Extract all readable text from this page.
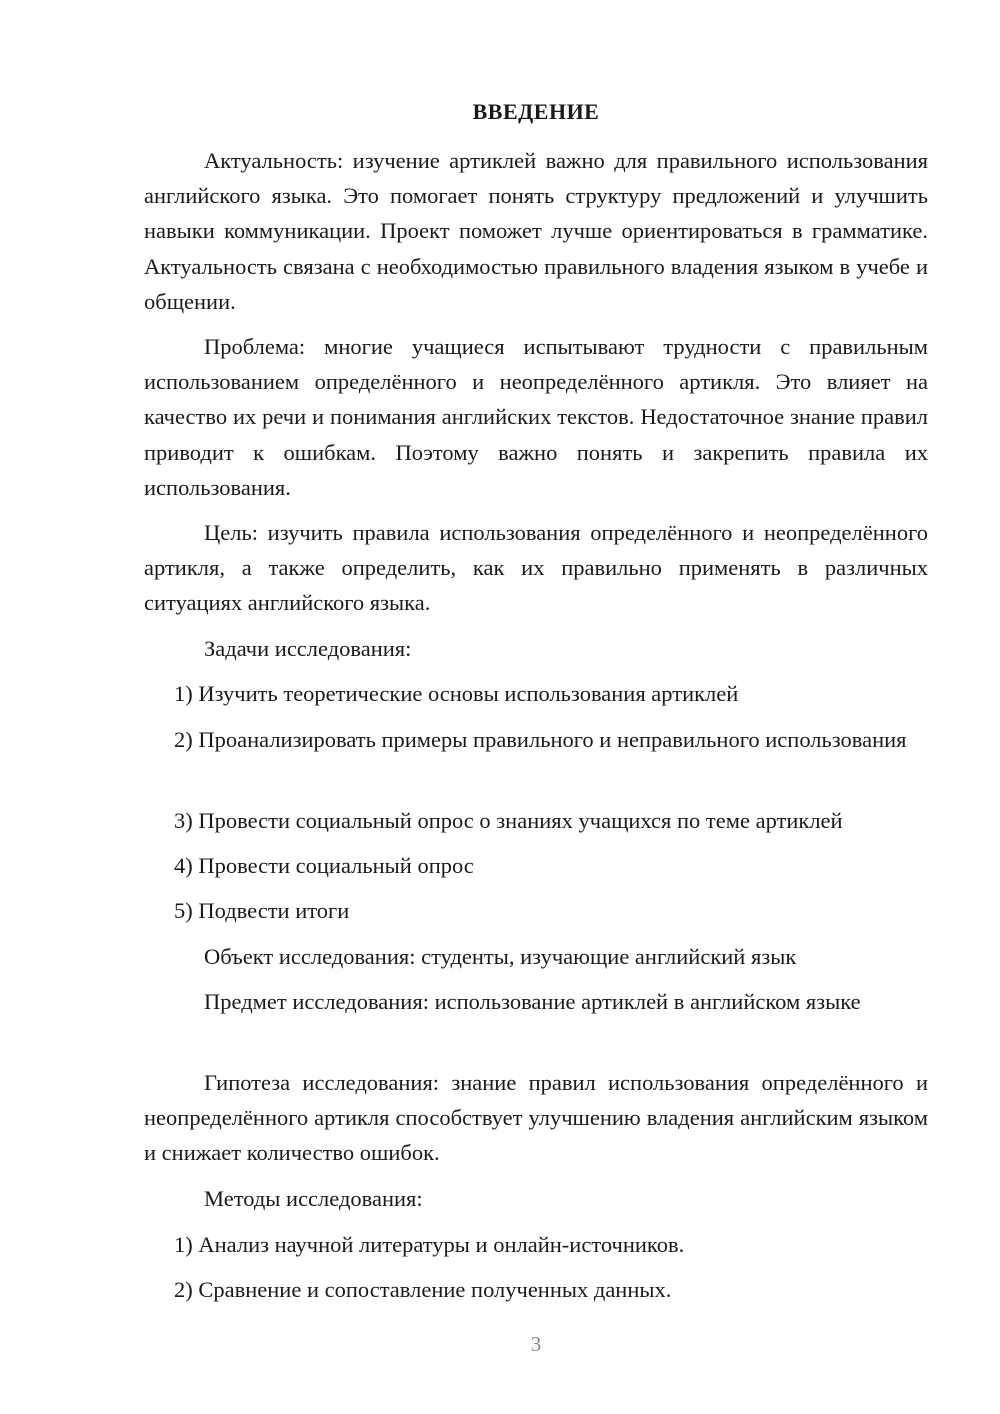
ВВЕДЕНИЕ

Актуальность: изучение артиклей важно для правильного использования английского языка. Это помогает понять структуру предложений и улучшить навыки коммуникации. Проект поможет лучше ориентироваться в грамматике. Актуальность связана с необходимостью правильного владения языком в учебе и общении.

Проблема: многие учащиеся испытывают трудности с правильным использованием определённого и неопределённого артикля. Это влияет на качество их речи и понимания английских текстов. Недостаточное знание правил приводит к ошибкам. Поэтому важно понять и закрепить правила их использования.

Цель: изучить правила использования определённого и неопределённого артикля, а также определить, как их правильно применять в различных ситуациях английского языка.

Задачи исследования:

1) Изучить теоретические основы использования артиклей

2) Проанализировать примеры правильного и неправильного использования

3) Провести социальный опрос о знаниях учащихся по теме артиклей

4) Провести социальный опрос

5) Подвести итоги

Объект исследования: студенты, изучающие английский язык

Предмет исследования: использование артиклей в английском языке

Гипотеза исследования: знание правил использования определённого и неопределённого артикля способствует улучшению владения английским языком и снижает количество ошибок.

Методы исследования:

1) Анализ научной литературы и онлайн-источников.

2) Сравнение и сопоставление полученных данных.

3
